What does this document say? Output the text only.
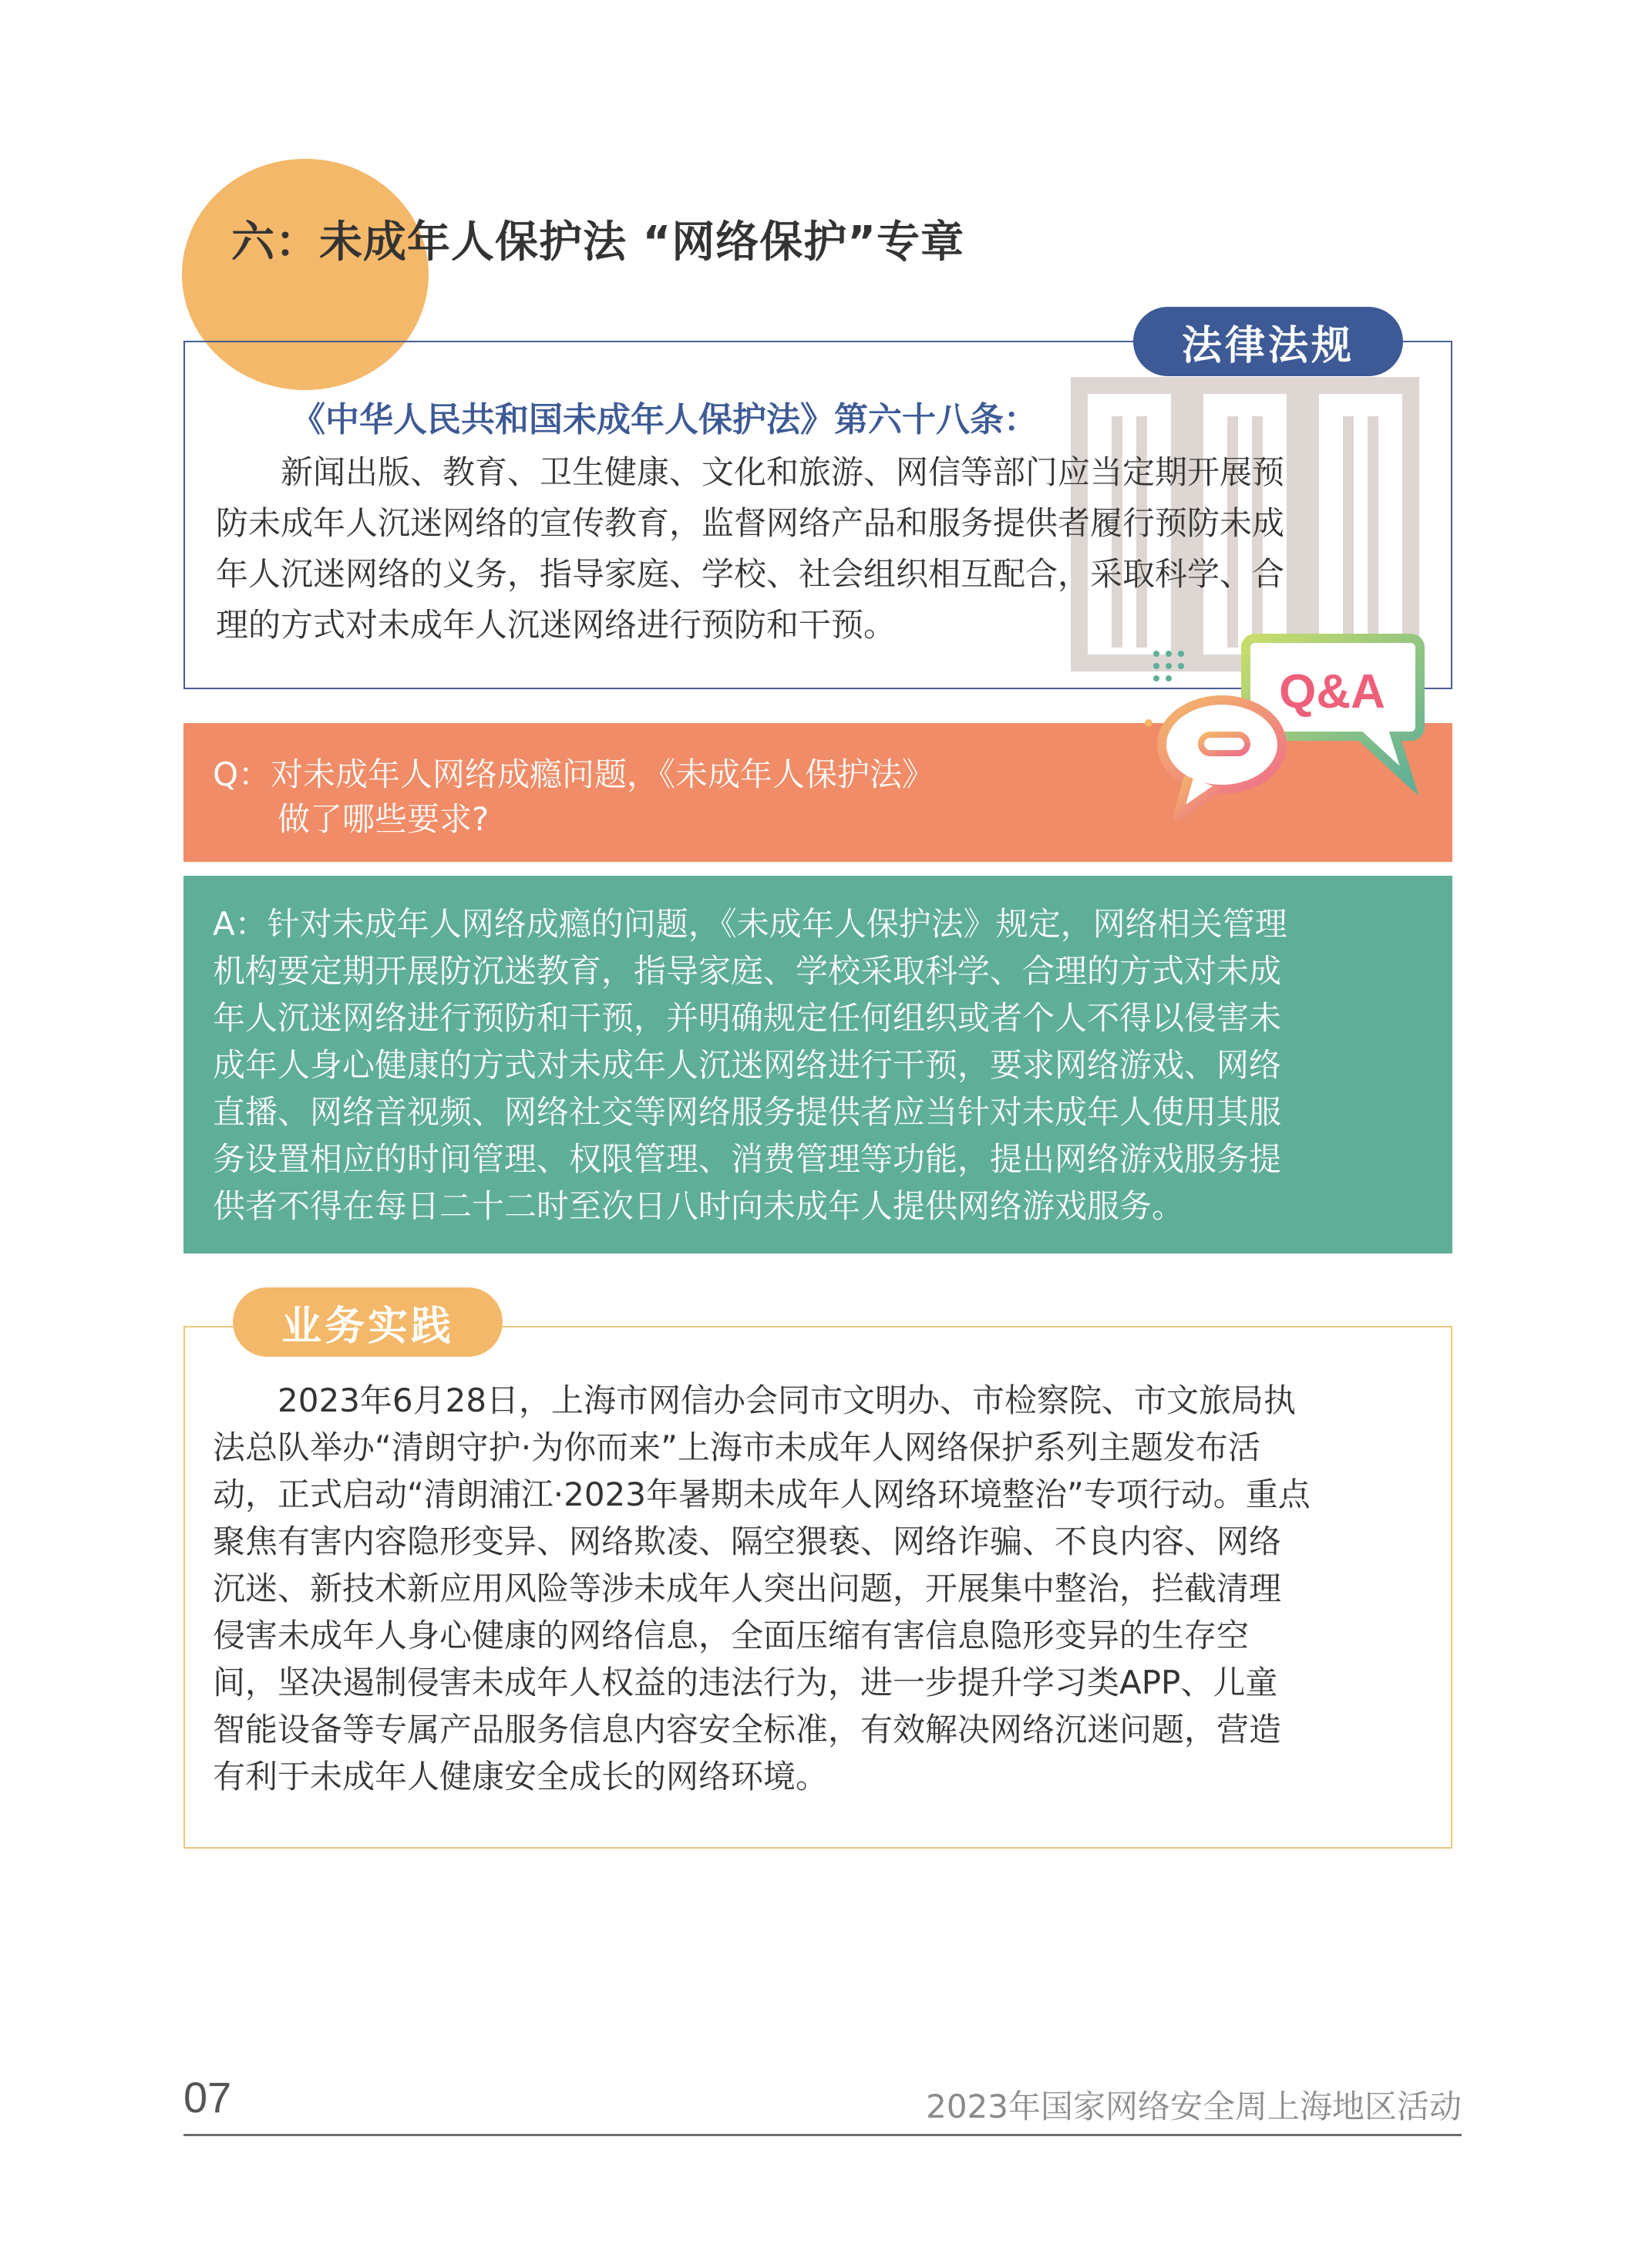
六：未成年人保护法 “网络保护”专章
法律法规
《中华人民共和国未成年人保护法》第六十八条：
　　新闻出版、教育、卫生健康、文化和旅游、网信等部门应当定期开展预
防未成年人沉迷网络的宣传教育，监督网络产品和服务提供者履行预防未成
年人沉迷网络的义务，指导家庭、学校、社会组织相互配合，采取科学、合
理的方式对未成年人沉迷网络进行预防和干预。
Q：对未成年人网络成瘾问题，《未成年人保护法》
　　做了哪些要求?
Q&A
A：针对未成年人网络成瘾的问题，《未成年人保护法》规定，网络相关管理
机构要定期开展防沉迷教育，指导家庭、学校采取科学、合理的方式对未成
年人沉迷网络进行预防和干预，并明确规定任何组织或者个人不得以侵害未
成年人身心健康的方式对未成年人沉迷网络进行干预，要求网络游戏、网络
直播、网络音视频、网络社交等网络服务提供者应当针对未成年人使用其服
务设置相应的时间管理、权限管理、消费管理等功能，提出网络游戏服务提
供者不得在每日二十二时至次日八时向未成年人提供网络游戏服务。
业务实践
　　2023年6月28日，上海市网信办会同市文明办、市检察院、市文旅局执
法总队举办“清朗守护·为你而来”上海市未成年人网络保护系列主题发布活
动，正式启动“清朗浦江·2023年暑期未成年人网络环境整治”专项行动。重点
聚焦有害内容隐形变异、网络欺凌、隔空猥亵、网络诈骗、不良内容、网络
沉迷、新技术新应用风险等涉未成年人突出问题，开展集中整治，拦截清理
侵害未成年人身心健康的网络信息，全面压缩有害信息隐形变异的生存空
间，坚决遏制侵害未成年人权益的违法行为，进一步提升学习类APP、儿童
智能设备等专属产品服务信息内容安全标准，有效解决网络沉迷问题，营造
有利于未成年人健康安全成长的网络环境。
07	2023年国家网络安全周上海地区活动
